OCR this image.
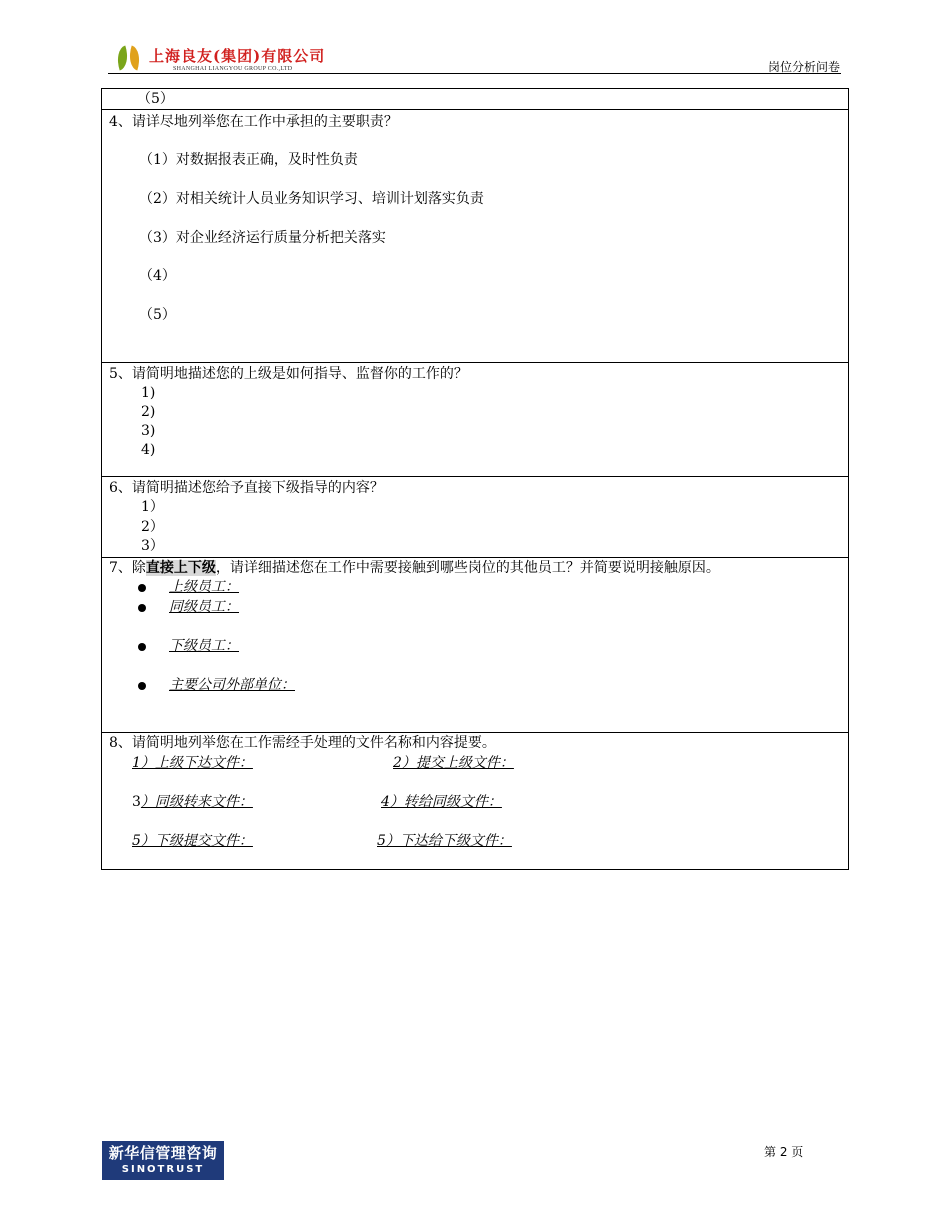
上海良友(集团)有限公司
SHANGHAI LIANGYOU GROUP CO.,LTD	岗位分析问卷
（5）
4、请详尽地列举您在工作中承担的主要职责？
（1）对数据报表正确，及时性负责
（2）对相关统计人员业务知识学习、培训计划落实负责
（3）对企业经济运行质量分析把关落实
（4）
（5）
5、请简明地描述您的上级是如何指导、监督你的工作的？
1)
2)
3)
4)
6、请简明描述您给予直接下级指导的内容？
1）
2）
3）
7、除直接上下级，请详细描述您在工作中需要接触到哪些岗位的其他员工？并简要说明接触原因。
上级员工：
同级员工：
下级员工：
主要公司外部单位：
8、请简明地列举您在工作需经手处理的文件名称和内容提要。
1）上级下达文件：	2）提交上级文件：
3）同级转来文件：	4）转给同级文件：
5）下级提交文件：	5）下达给下级文件：
新华信管理咨询
SINOTRUST
第 2 页
